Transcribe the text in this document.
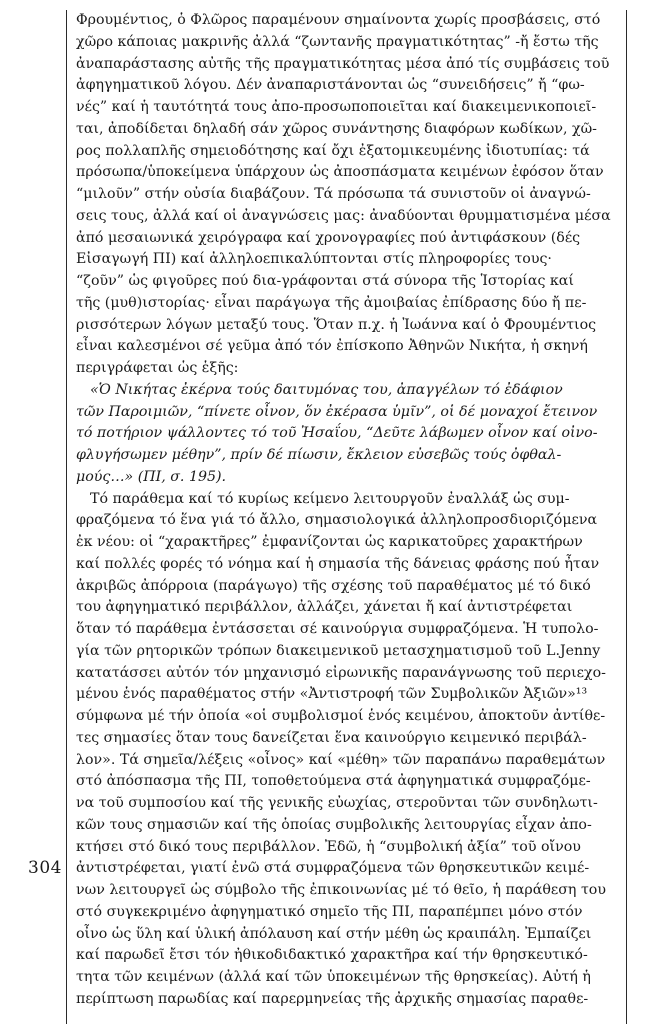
304
Φρουμέντιος, ὁ Φλῶρος παραμένουν σημαίνοντα χωρίς προσβάσεις, στό
χῶρο κάποιας μακρινῆς ἀλλά “ζωντανῆς πραγματικότητας” -ἤ ἔστω τῆς
ἀναπαράστασης αὐτῆς τῆς πραγματικότητας μέσα ἀπό τίς συμβάσεις τοῦ
ἀφηγηματικοῦ λόγου. Δέν ἀναπαριστάνονται ὡς “συνειδήσεις” ἤ “φω-
νές” καί ἡ ταυτότητά τους ἀπο-προσωποποιεῖται καί διακειμενικοποιεῖ-
ται, ἀποδίδεται δηλαδή σάν χῶρος συνάντησης διαφόρων κωδίκων, χῶ-
ρος πολλαπλῆς σημειοδότησης καί ὄχι ἐξατομικευμένης ἰδιοτυπίας: τά
πρόσωπα/ὑποκείμενα ὑπάρχουν ὡς ἀποσπάσματα κειμένων ἐφόσον ὅταν
“μιλοῦν” στήν οὐσία διαβάζουν. Τά πρόσωπα τά συνιστοῦν οἱ ἀναγνώ-
σεις τους, ἀλλά καί οἱ ἀναγνώσεις μας: ἀναδύονται θρυμματισμένα μέσα
ἀπό μεσαιωνικά χειρόγραφα καί χρονογραφίες πού ἀντιφάσκουν (δές
Εἰσαγωγή ΠΙ) καί ἀλληλοεπικαλύπτονται στίς πληροφορίες τους·
“ζοῦν” ὡς φιγοῦρες πού δια-γράφονται στά σύνορα τῆς Ἱστορίας καί
τῆς (μυθ)ιστορίας· εἶναι παράγωγα τῆς ἀμοιβαίας ἐπίδρασης δύο ἤ πε-
ρισσότερων λόγων μεταξύ τους. Ὅταν π.χ. ἡ Ἰωάννα καί ὁ Φρουμέντιος
εἶναι καλεσμένοι σέ γεῦμα ἀπό τόν ἐπίσκοπο Ἀθηνῶν Νικήτα, ἡ σκηνή
περιγράφεται ὡς ἑξῆς:
«Ὁ Νικήτας ἐκέρνα τούς δαιτυμόνας του, ἀπαγγέλων τό ἐδάφιον
τῶν Παροιμιῶν, “πίνετε οἶνον, ὅν ἐκέρασα ὑμῖν”, οἱ δέ μοναχοί ἔτεινον
τό ποτήριον ψάλλοντες τό τοῦ Ἠσαΐου, “Δεῦτε λάβωμεν οἶνον καί οἰνο-
φλυγήσωμεν μέθην”, πρίν δέ πίωσιν, ἔκλειον εὐσεβῶς τούς ὀφθαλ-
μούς…» (ΠΙ, σ. 195).
Τό παράθεμα καί τό κυρίως κείμενο λειτουργοῦν ἐναλλάξ ὡς συμ-
φραζόμενα τό ἕνα γιά τό ἄλλο, σημασιολογικά ἀλληλοπροσδιοριζόμενα
ἐκ νέου: οἱ “χαρακτῆρες” ἐμφανίζονται ὡς καρικατοῦρες χαρακτήρων
καί πολλές φορές τό νόημα καί ἡ σημασία τῆς δάνειας φράσης πού ἦταν
ἀκριβῶς ἀπόρροια (παράγωγο) τῆς σχέσης τοῦ παραθέματος μέ τό δικό
του ἀφηγηματικό περιβάλλον, ἀλλάζει, χάνεται ἤ καί ἀντιστρέφεται
ὅταν τό παράθεμα ἐντάσσεται σέ καινούργια συμφραζόμενα. Ἡ τυπολο-
γία τῶν ρητορικῶν τρόπων διακειμενικοῦ μετασχηματισμοῦ τοῦ L.Jenny
κατατάσσει αὐτόν τόν μηχανισμό εἰρωνικῆς παρανάγνωσης τοῦ περιεχο-
μένου ἑνός παραθέματος στήν «Ἀντιστροφή τῶν Συμβολικῶν Ἀξιῶν»¹³
σύμφωνα μέ τήν ὁποία «οἱ συμβολισμοί ἑνός κειμένου, ἀποκτοῦν ἀντίθε-
τες σημασίες ὅταν τους δανείζεται ἕνα καινούργιο κειμενικό περιβάλ-
λον». Τά σημεῖα/λέξεις «οἶνος» καί «μέθη» τῶν παραπάνω παραθεμάτων
στό ἀπόσπασμα τῆς ΠΙ, τοποθετούμενα στά ἀφηγηματικά συμφραζόμε-
να τοῦ συμποσίου καί τῆς γενικῆς εὐωχίας, στεροῦνται τῶν συνδηλωτι-
κῶν τους σημασιῶν καί τῆς ὁποίας συμβολικῆς λειτουργίας εἶχαν ἀπο-
κτήσει στό δικό τους περιβάλλον. Ἐδῶ, ἡ “συμβολική ἀξία” τοῦ οἴνου
ἀντιστρέφεται, γιατί ἐνῶ στά συμφραζόμενα τῶν θρησκευτικῶν κειμέ-
νων λειτουργεῖ ὡς σύμβολο τῆς ἐπικοινωνίας μέ τό θεῖο, ἡ παράθεση του
στό συγκεκριμένο ἀφηγηματικό σημεῖο τῆς ΠΙ, παραπέμπει μόνο στόν
οἶνο ὡς ὕλη καί ὑλική ἀπόλαυση καί στήν μέθη ὡς κραιπάλη. Ἐμπαίζει
καί παρωδεῖ ἔτσι τόν ἠθικοδιδακτικό χαρακτῆρα καί τήν θρησκευτικό-
τητα τῶν κειμένων (ἀλλά καί τῶν ὑποκειμένων τῆς θρησκείας). Αὐτή ἡ
περίπτωση παρωδίας καί παρερμηνείας τῆς ἀρχικῆς σημασίας παραθε-
